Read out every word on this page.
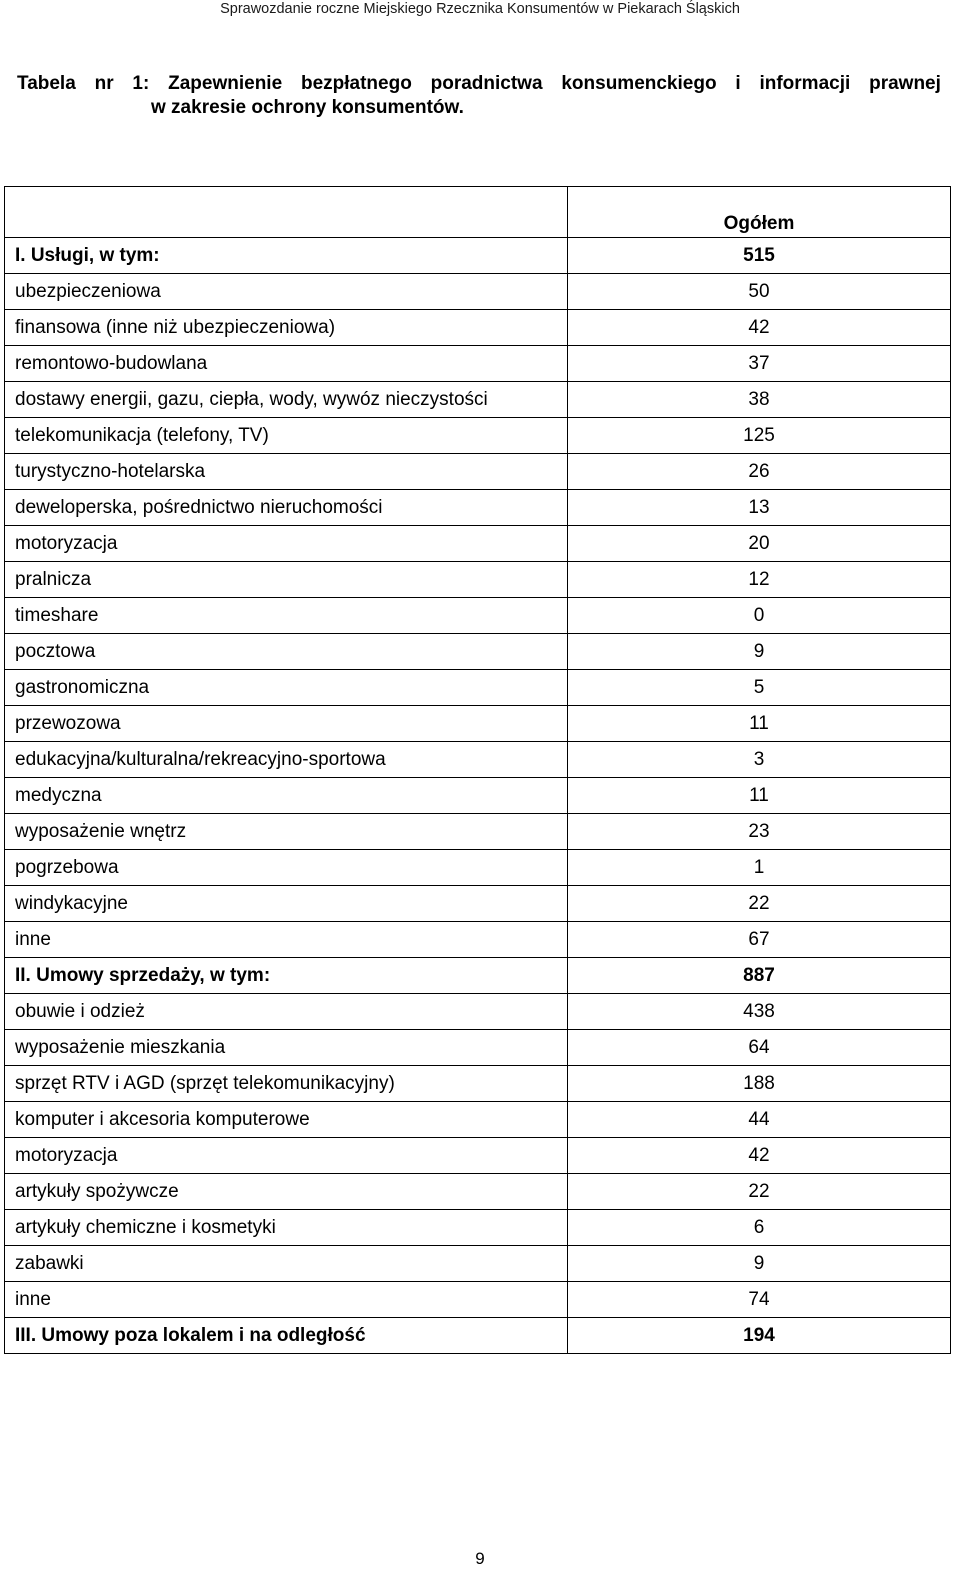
Sprawozdanie roczne Miejskiego Rzecznika Konsumentów w Piekarach Śląskich
Tabela nr 1: Zapewnienie bezpłatnego poradnictwa konsumenckiego i informacji prawnej
w zakresie ochrony konsumentów.
	Ogółem
I. Usługi, w tym:	515
ubezpieczeniowa	50
finansowa (inne niż ubezpieczeniowa)	42
remontowo-budowlana	37
dostawy energii, gazu, ciepła, wody, wywóz nieczystości	38
telekomunikacja (telefony, TV)	125
turystyczno-hotelarska	26
deweloperska, pośrednictwo nieruchomości	13
motoryzacja	20
pralnicza	12
timeshare	0
pocztowa	9
gastronomiczna	5
przewozowa	11
edukacyjna/kulturalna/rekreacyjno-sportowa	3
medyczna	11
wyposażenie wnętrz	23
pogrzebowa	1
windykacyjne	22
inne	67
II. Umowy sprzedaży, w tym:	887
obuwie i odzież	438
wyposażenie mieszkania	64
sprzęt RTV i AGD (sprzęt telekomunikacyjny)	188
komputer i akcesoria komputerowe	44
motoryzacja	42
artykuły spożywcze	22
artykuły chemiczne i kosmetyki	6
zabawki	9
inne	74
III. Umowy poza lokalem i na odległość	194
9
